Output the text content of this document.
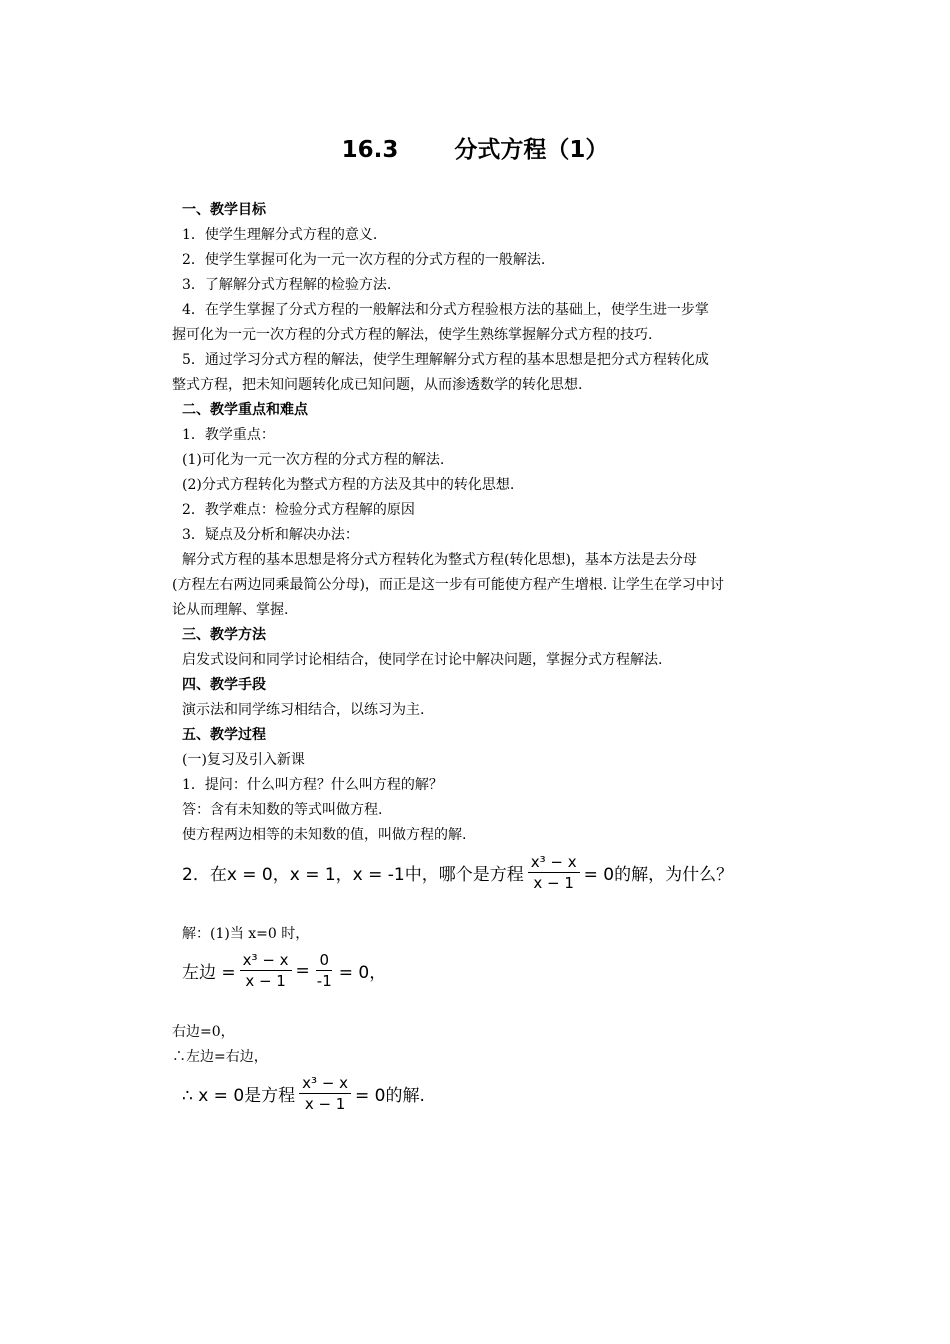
16.3 分式方程（1）
一、教学目标
1．使学生理解分式方程的意义.
2．使学生掌握可化为一元一次方程的分式方程的一般解法.
3．了解解分式方程解的检验方法.
4．在学生掌握了分式方程的一般解法和分式方程验根方法的基础上，使学生进一步掌
握可化为一元一次方程的分式方程的解法，使学生熟练掌握解分式方程的技巧.
5．通过学习分式方程的解法，使学生理解解分式方程的基本思想是把分式方程转化成
整式方程，把未知问题转化成已知问题，从而渗透数学的转化思想.
二、教学重点和难点
1．教学重点：
(1)可化为一元一次方程的分式方程的解法.
(2)分式方程转化为整式方程的方法及其中的转化思想.
2．教学难点：检验分式方程解的原因
3．疑点及分析和解决办法：
解分式方程的基本思想是将分式方程转化为整式方程(转化思想)，基本方法是去分母
(方程左右两边同乘最简公分母)，而正是这一步有可能使方程产生增根. 让学生在学习中讨
论从而理解、掌握.
三、教学方法
启发式设问和同学讨论相结合，使同学在讨论中解决问题，掌握分式方程解法.
四、教学手段
演示法和同学练习相结合，以练习为主.
五、教学过程
(一)复习及引入新课
1．提问：什么叫方程？什么叫方程的解？
答：含有未知数的等式叫做方程.
使方程两边相等的未知数的值，叫做方程的解.
2．在x = 0，x = 1，x = -1中，哪个是方程 $\frac{\text{x³ − x}}{x - 1} = 0$的解，为什么？
解：(1)当 x=0 时，
左边 = $\frac{\text{x³ − x}}{x - 1} = \frac{0}{-1} = 0$，
右边=0，
∴左边=右边，
∴ x = 0是方程 $\frac{\text{x³ − x}}{x - 1} = 0$的解.
